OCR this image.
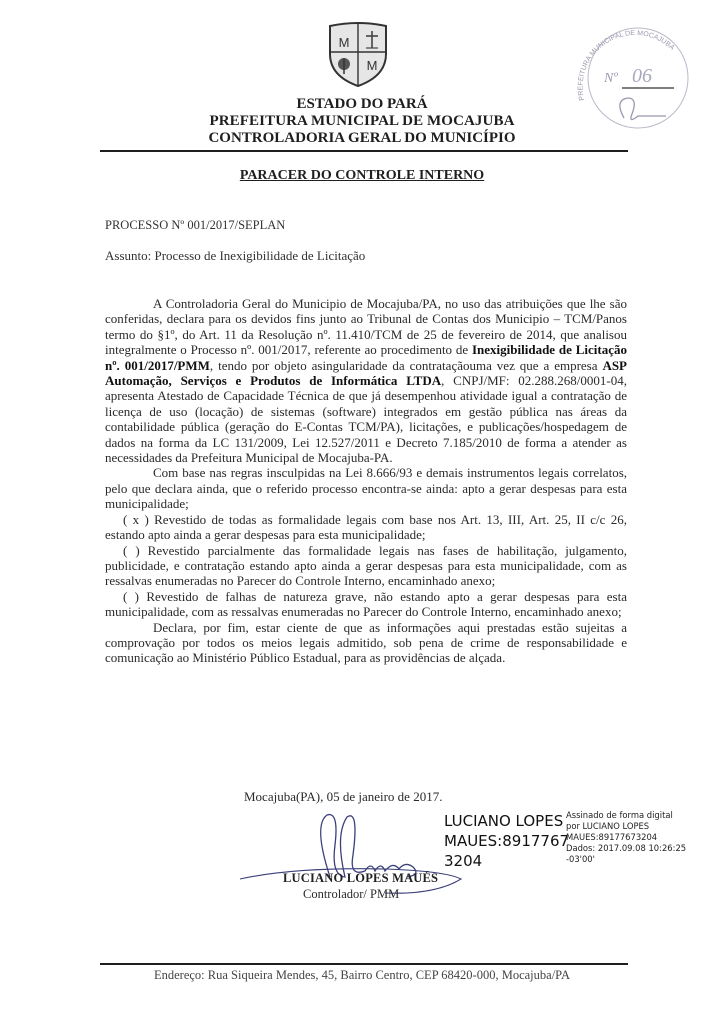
M
M
PREFEITURA MUNICIPAL DE MOCAJUBA
Nº 06
ESTADO DO PARÁ
PREFEITURA MUNICIPAL DE MOCAJUBA
CONTROLADORIA GERAL DO MUNICÍPIO
PARACER DO CONTROLE INTERNO
PROCESSO Nº 001/2017/SEPLAN
Assunto: Processo de Inexigibilidade de Licitação

A Controladoria Geral do Municipio de Mocajuba/PA, no uso das atribuições que lhe são conferidas, declara para os devidos fins junto ao Tribunal de Contas dos Municipio – TCM/Panos termo do §1º, do Art. 11 da Resolução nº. 11.410/TCM de 25 de fevereiro de 2014, que analisou integralmente o Processo nº. 001/2017, referente ao procedimento de Inexigibilidade de Licitação nº. 001/2017/PMM, tendo por objeto asingularidade da contrataçãouma vez que a empresa ASP Automação, Serviços e Produtos de Informática LTDA, CNPJ/MF: 02.288.268/0001-04, apresenta Atestado de Capacidade Técnica de que já desempenhou atividade igual a contratação de licença de uso (locação) de sistemas (software) integrados em gestão pública nas áreas da contabilidade pública (geração do E-Contas TCM/PA), licitações, e publicações/hospedagem de dados na forma da LC 131/2009, Lei 12.527/2011 e Decreto 7.185/2010 de forma a atender as necessidades da Prefeitura Municipal de Mocajuba-PA.

Com base nas regras insculpidas na Lei 8.666/93 e demais instrumentos legais correlatos, pelo que declara ainda, que o referido processo encontra-se ainda: apto a gerar despesas para esta municipalidade;

( x ) Revestido de todas as formalidade legais com base nos Art. 13, III, Art. 25, II c/c 26, estando apto ainda a gerar despesas para esta municipalidade;

( ) Revestido parcialmente das formalidade legais nas fases de habilitação, julgamento, publicidade, e contratação estando apto ainda a gerar despesas para esta municipalidade, com as ressalvas enumeradas no Parecer do Controle Interno, encaminhado anexo;

( ) Revestido de falhas de natureza grave, não estando apto a gerar despesas para esta municipalidade, com as ressalvas enumeradas no Parecer do Controle Interno, encaminhado anexo;

Declara, por fim, estar ciente de que as informações aqui prestadas estão sujeitas a comprovação por todos os meios legais admitido, sob pena de crime de responsabilidade e comunicação ao Ministério Público Estadual, para as providências de alçada.

Mocajuba(PA), 05 de janeiro de 2017.
LUCIANO LOPES MAUÉS
Controlador/ PMM
LUCIANO LOPES
MAUES:8917767
3204
Assinado de forma digital
por LUCIANO LOPES
MAUES:89177673204
Dados: 2017.09.08 10:26:25
-03'00'
Endereço: Rua Siqueira Mendes, 45, Bairro Centro, CEP 68420-000, Mocajuba/PA
